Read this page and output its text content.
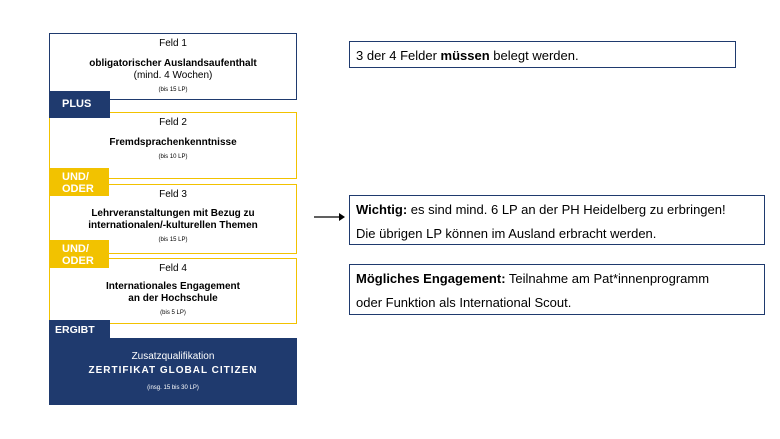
Feld 1
obligatorischer Auslandsaufenthalt
(mind. 4 Wochen)
(bis 15 LP)
Feld 2
Fremdsprachenkenntnisse
(bis 10 LP)
Feld 3
Lehrveranstaltungen mit Bezug zu
internationalen/-kulturellen Themen
(bis 15 LP)
Feld 4
Internationales Engagement
an der Hochschule
(bis 5 LP)
PLUS
UND/
ODER
UND/
ODER
Zusatzqualifikation
ZERTIFIKAT GLOBAL CITIZEN
(insg. 15 bis 30 LP)
ERGIBT
3 der 4 Felder müssen belegt werden.
Wichtig: es sind mind. 6 LP an der PH Heidelberg zu erbringen!
Die übrigen LP können im Ausland erbracht werden.
Mögliches Engagement: Teilnahme am Pat*innenprogramm
oder Funktion als International Scout.
